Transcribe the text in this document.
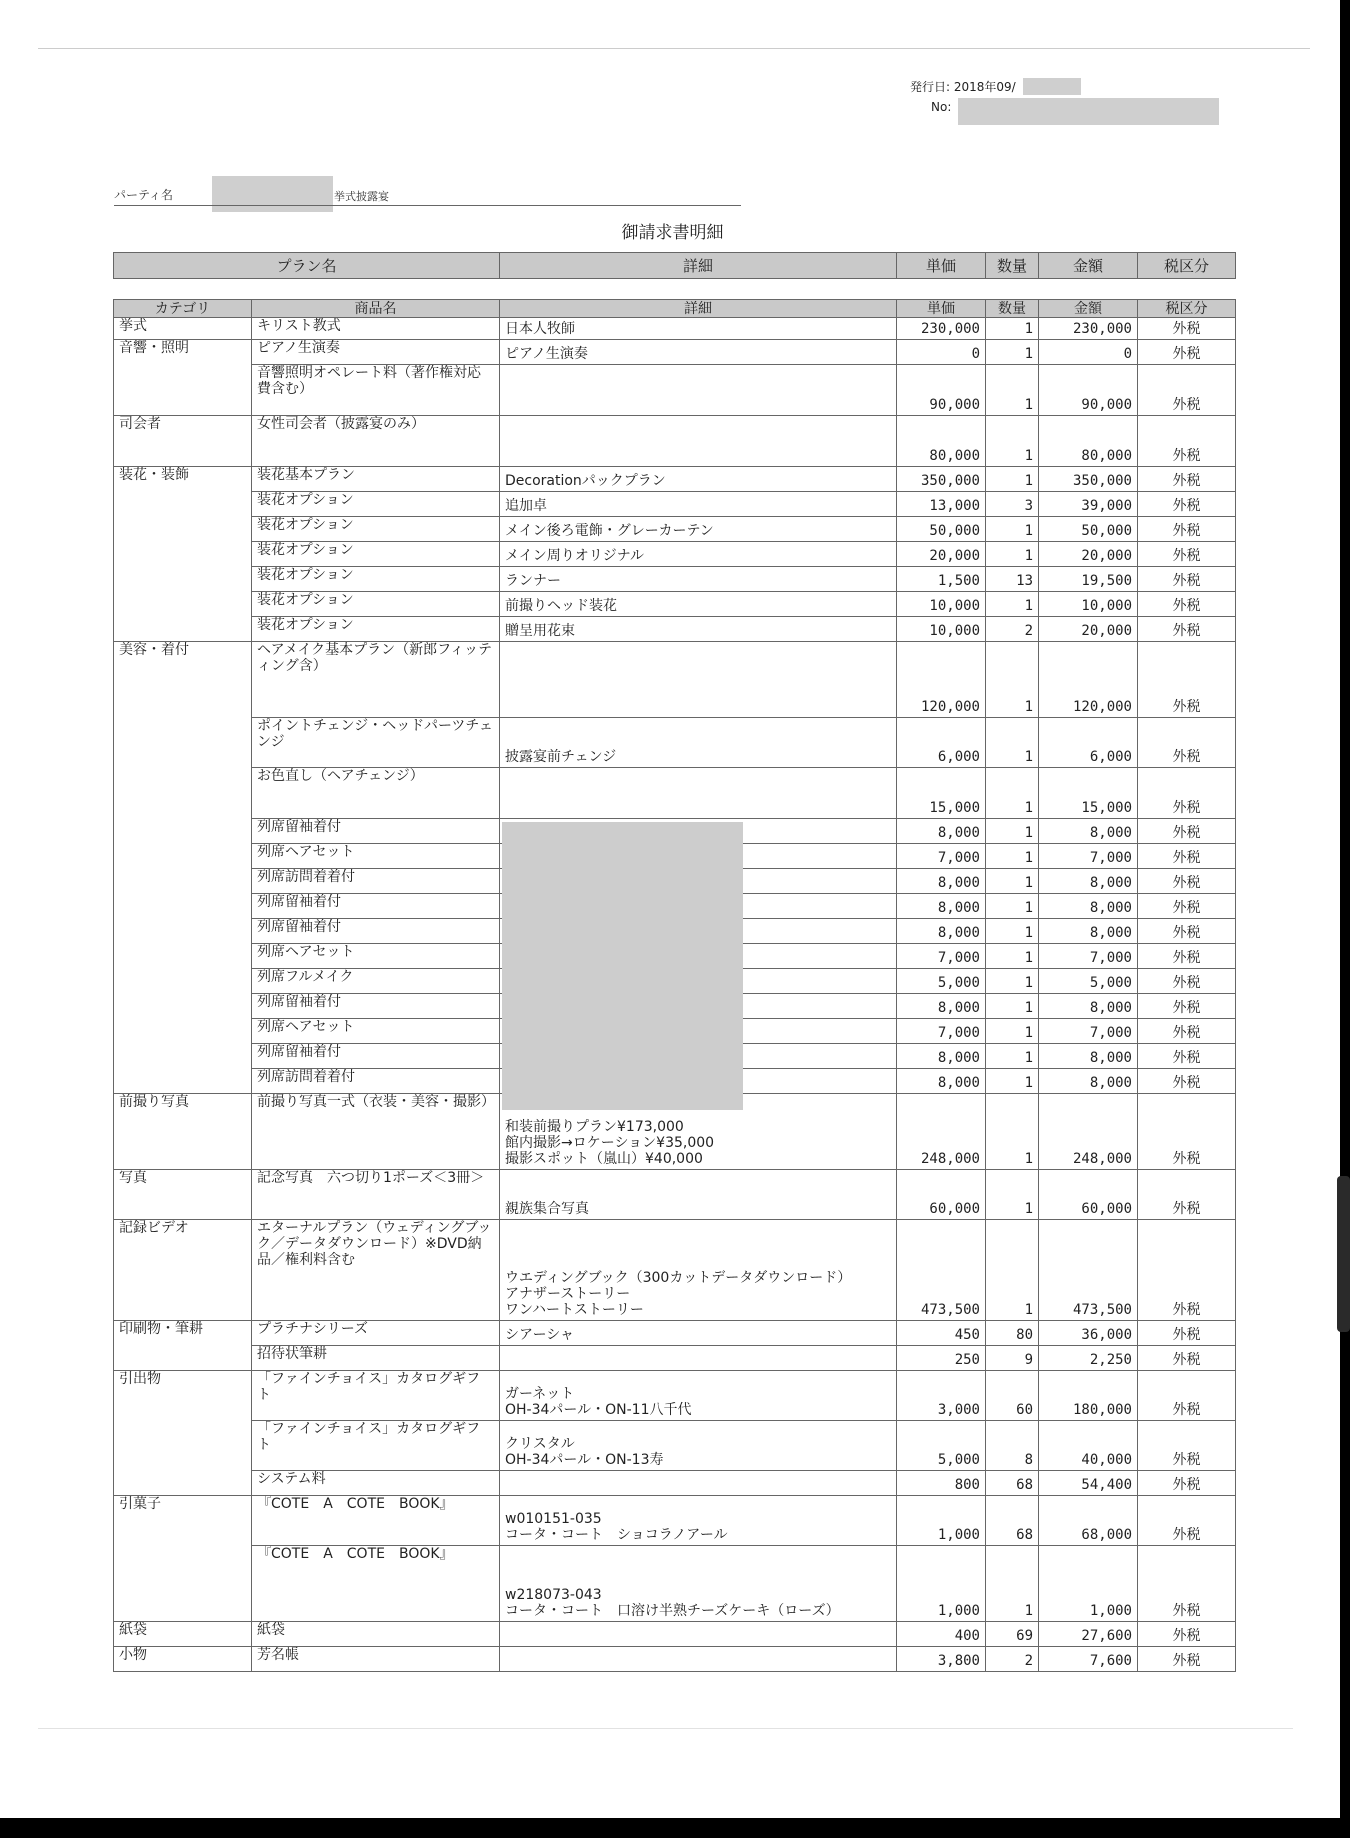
発行日: 2018年09/
No:
パーティ名	挙式披露宴
御請求書明細
プラン名	詳細	単価	数量	金額	税区分
カテゴリ	商品名	詳細	単価	数量	金額	税区分
挙式	キリスト教式	日本人牧師	230,000	1	230,000	外税
音響・照明	ピアノ生演奏	ピアノ生演奏	0	1	0	外税
	音響照明オペレート料（著作権対応費含む）		90,000	1	90,000	外税
司会者	女性司会者（披露宴のみ）		80,000	1	80,000	外税
装花・装飾	装花基本プラン	Decorationパックプラン	350,000	1	350,000	外税
	装花オプション	追加卓	13,000	3	39,000	外税
	装花オプション	メイン後ろ電飾・グレーカーテン	50,000	1	50,000	外税
	装花オプション	メイン周りオリジナル	20,000	1	20,000	外税
	装花オプション	ランナー	1,500	13	19,500	外税
	装花オプション	前撮りヘッド装花	10,000	1	10,000	外税
	装花オプション	贈呈用花束	10,000	2	20,000	外税
美容・着付	ヘアメイク基本プラン（新郎フィッティング含）		120,000	1	120,000	外税
	ポイントチェンジ・ヘッドパーツチェンジ	披露宴前チェンジ	6,000	1	6,000	外税
	お色直し（ヘアチェンジ）		15,000	1	15,000	外税
	列席留袖着付		8,000	1	8,000	外税
	列席ヘアセット		7,000	1	7,000	外税
	列席訪問着着付		8,000	1	8,000	外税
	列席留袖着付		8,000	1	8,000	外税
	列席留袖着付		8,000	1	8,000	外税
	列席ヘアセット		7,000	1	7,000	外税
	列席フルメイク		5,000	1	5,000	外税
	列席留袖着付		8,000	1	8,000	外税
	列席ヘアセット		7,000	1	7,000	外税
	列席留袖着付		8,000	1	8,000	外税
	列席訪問着着付		8,000	1	8,000	外税
前撮り写真	前撮り写真一式（衣装・美容・撮影）	和装前撮りプラン¥173,000
館内撮影→ロケーション¥35,000
撮影スポット（嵐山）¥40,000	248,000	1	248,000	外税
写真	記念写真　六つ切り1ポーズ＜3冊＞	親族集合写真	60,000	1	60,000	外税
記録ビデオ	エターナルプラン（ウェディングブック／データダウンロード）※DVD納品／権利料含む	ウエディングブック（300カットデータダウンロード）
アナザーストーリー
ワンハートストーリー	473,500	1	473,500	外税
印刷物・筆耕	プラチナシリーズ	シアーシャ	450	80	36,000	外税
	招待状筆耕		250	9	2,250	外税
引出物	「ファインチョイス」カタログギフト	ガーネット
OH-34パール・ON-11八千代	3,000	60	180,000	外税
	「ファインチョイス」カタログギフト	クリスタル
OH-34パール・ON-13寿	5,000	8	40,000	外税
	システム料		800	68	54,400	外税
引菓子	『COTE　A　COTE　BOOK』	w010151-035
コータ・コート　ショコラノアール	1,000	68	68,000	外税
	『COTE　A　COTE　BOOK』	w218073-043
コータ・コート　口溶け半熟チーズケーキ（ローズ）	1,000	1	1,000	外税
紙袋	紙袋		400	69	27,600	外税
小物	芳名帳		3,800	2	7,600	外税
